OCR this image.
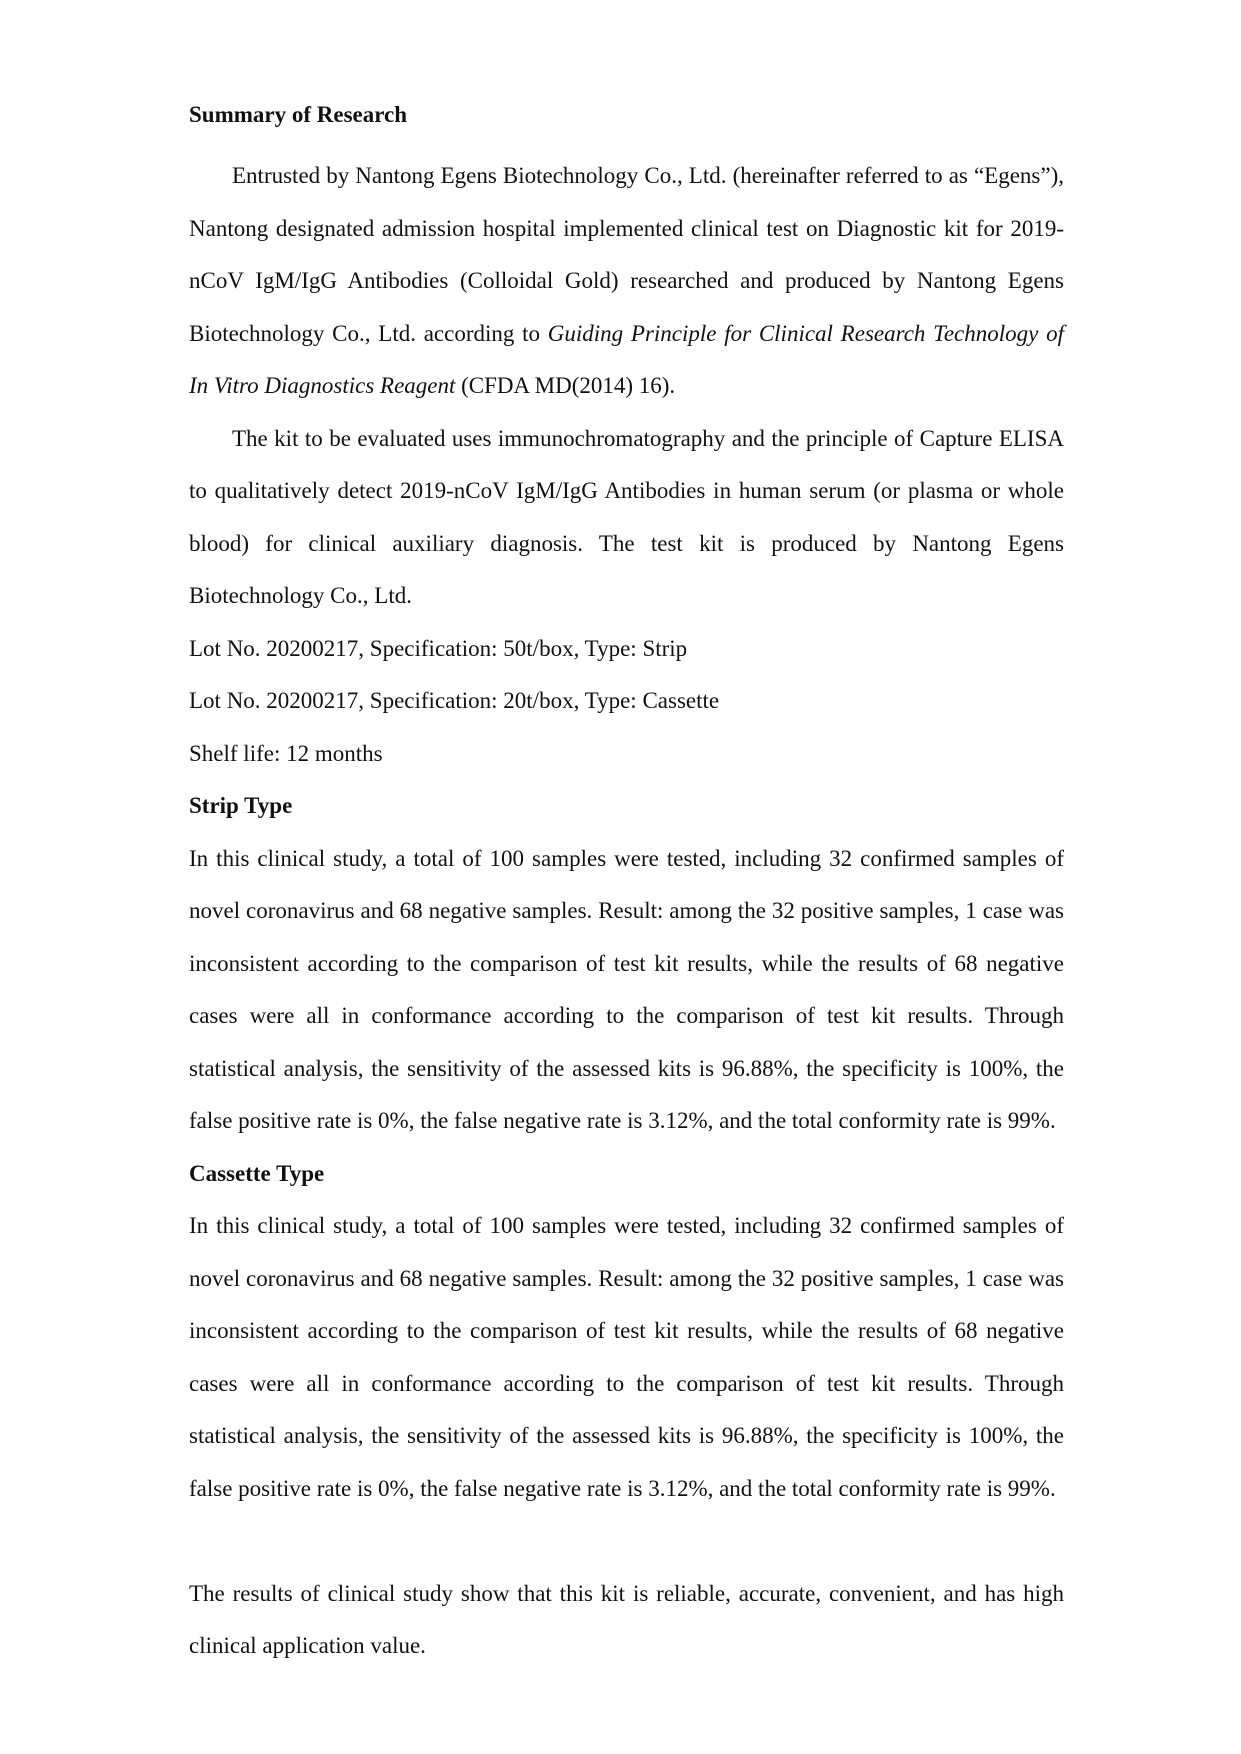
Summary of Research

Entrusted by Nantong Egens Biotechnology Co., Ltd. (hereinafter referred to as “Egens”), Nantong designated admission hospital implemented clinical test on Diagnostic kit for 2019-nCoV IgM/IgG Antibodies (Colloidal Gold) researched and produced by Nantong Egens Biotechnology Co., Ltd. according to Guiding Principle for Clinical Research Technology of In Vitro Diagnostics Reagent (CFDA MD(2014) 16).

The kit to be evaluated uses immunochromatography and the principle of Capture ELISA to qualitatively detect 2019-nCoV IgM/IgG Antibodies in human serum (or plasma or whole blood) for clinical auxiliary diagnosis. The test kit is produced by Nantong Egens Biotechnology Co., Ltd.

Lot No. 20200217, Specification: 50t/box, Type: Strip

Lot No. 20200217, Specification: 20t/box, Type: Cassette

Shelf life: 12 months

Strip Type

In this clinical study, a total of 100 samples were tested, including 32 confirmed samples of novel coronavirus and 68 negative samples. Result: among the 32 positive samples, 1 case was inconsistent according to the comparison of test kit results, while the results of 68 negative cases were all in conformance according to the comparison of test kit results. Through statistical analysis, the sensitivity of the assessed kits is 96.88%, the specificity is 100%, the false positive rate is 0%, the false negative rate is 3.12%, and the total conformity rate is 99%.

Cassette Type

In this clinical study, a total of 100 samples were tested, including 32 confirmed samples of novel coronavirus and 68 negative samples. Result: among the 32 positive samples, 1 case was inconsistent according to the comparison of test kit results, while the results of 68 negative cases were all in conformance according to the comparison of test kit results. Through statistical analysis, the sensitivity of the assessed kits is 96.88%, the specificity is 100%, the false positive rate is 0%, the false negative rate is 3.12%, and the total conformity rate is 99%.

The results of clinical study show that this kit is reliable, accurate, convenient, and has high clinical application value.
